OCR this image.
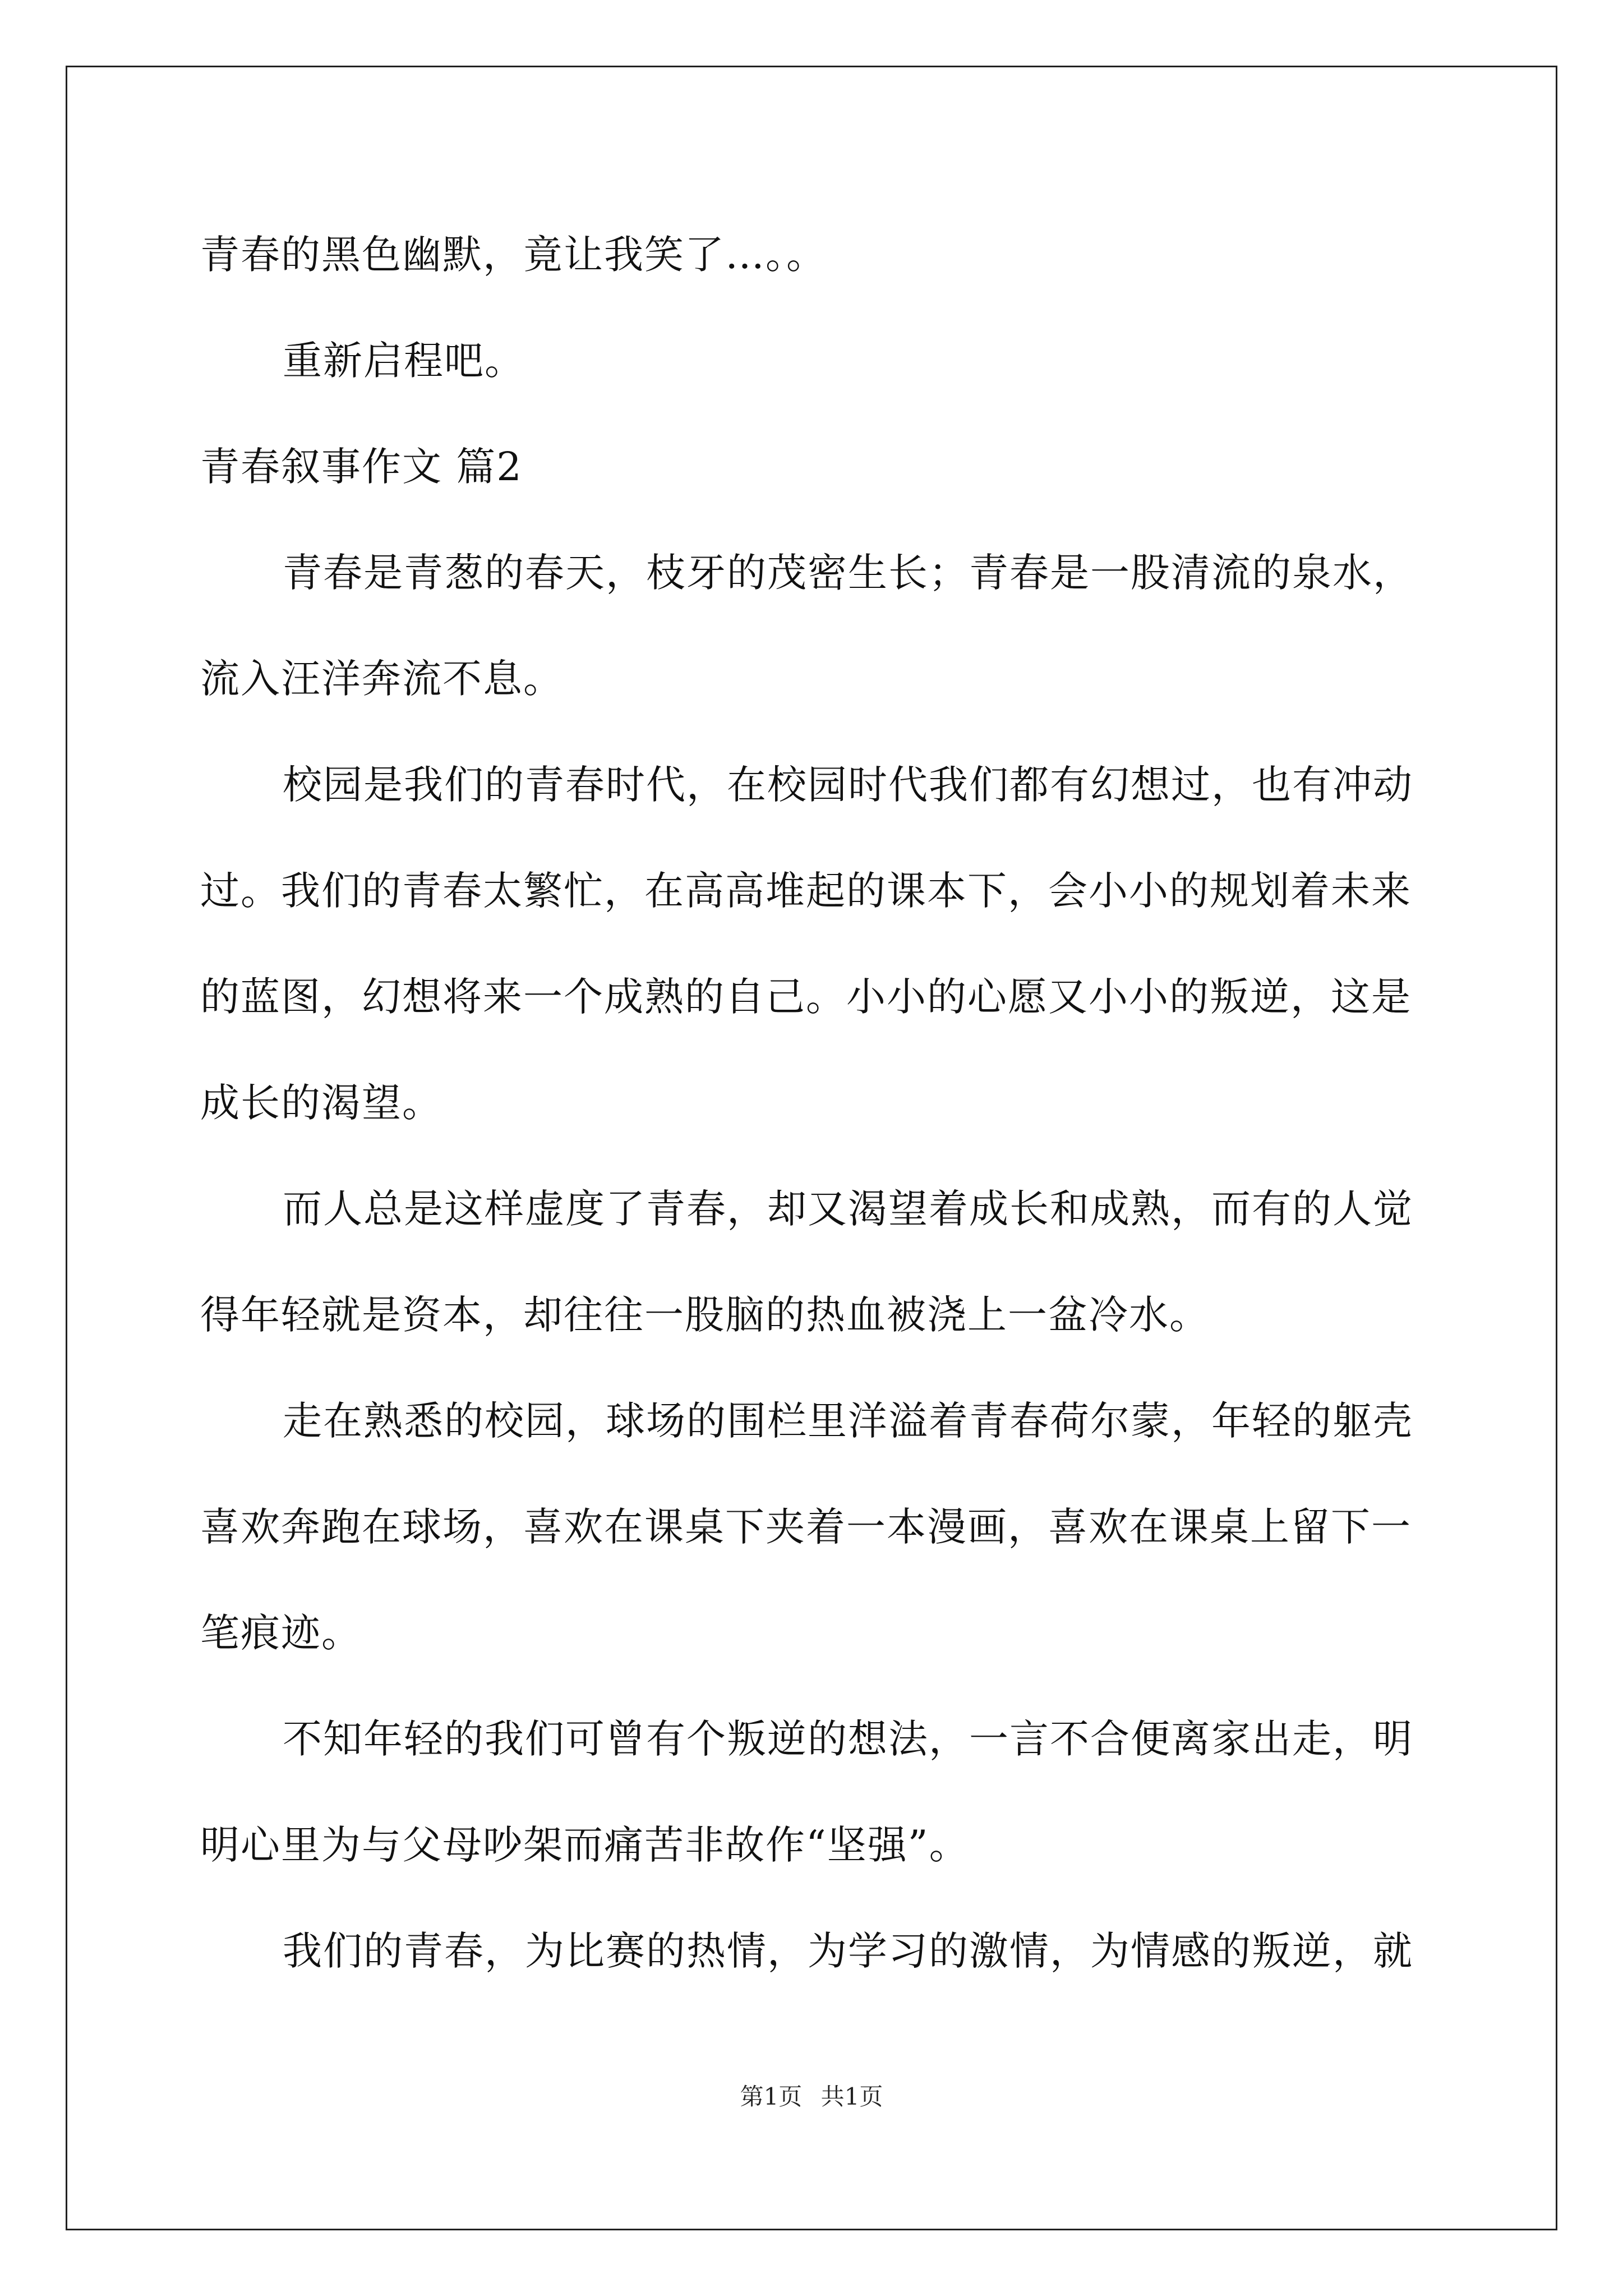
青春的黑色幽默，竟让我笑了…。。

重新启程吧。

青春叙事作文 篇2

青春是青葱的春天，枝牙的茂密生长；青春是一股清流的泉水，流入汪洋奔流不息。

校园是我们的青春时代，在校园时代我们都有幻想过，也有冲动过。我们的青春太繁忙，在高高堆起的课本下，会小小的规划着未来的蓝图，幻想将来一个成熟的自己。小小的心愿又小小的叛逆，这是成长的渴望。

而人总是这样虚度了青春，却又渴望着成长和成熟，而有的人觉得年轻就是资本，却往往一股脑的热血被浇上一盆冷水。

走在熟悉的校园，球场的围栏里洋溢着青春荷尔蒙，年轻的躯壳喜欢奔跑在球场，喜欢在课桌下夹着一本漫画，喜欢在课桌上留下一笔痕迹。

不知年轻的我们可曾有个叛逆的想法，一言不合便离家出走，明明心里为与父母吵架而痛苦非故作“坚强”。

我们的青春，为比赛的热情，为学习的激情，为情感的叛逆，就

第1页 共1页
